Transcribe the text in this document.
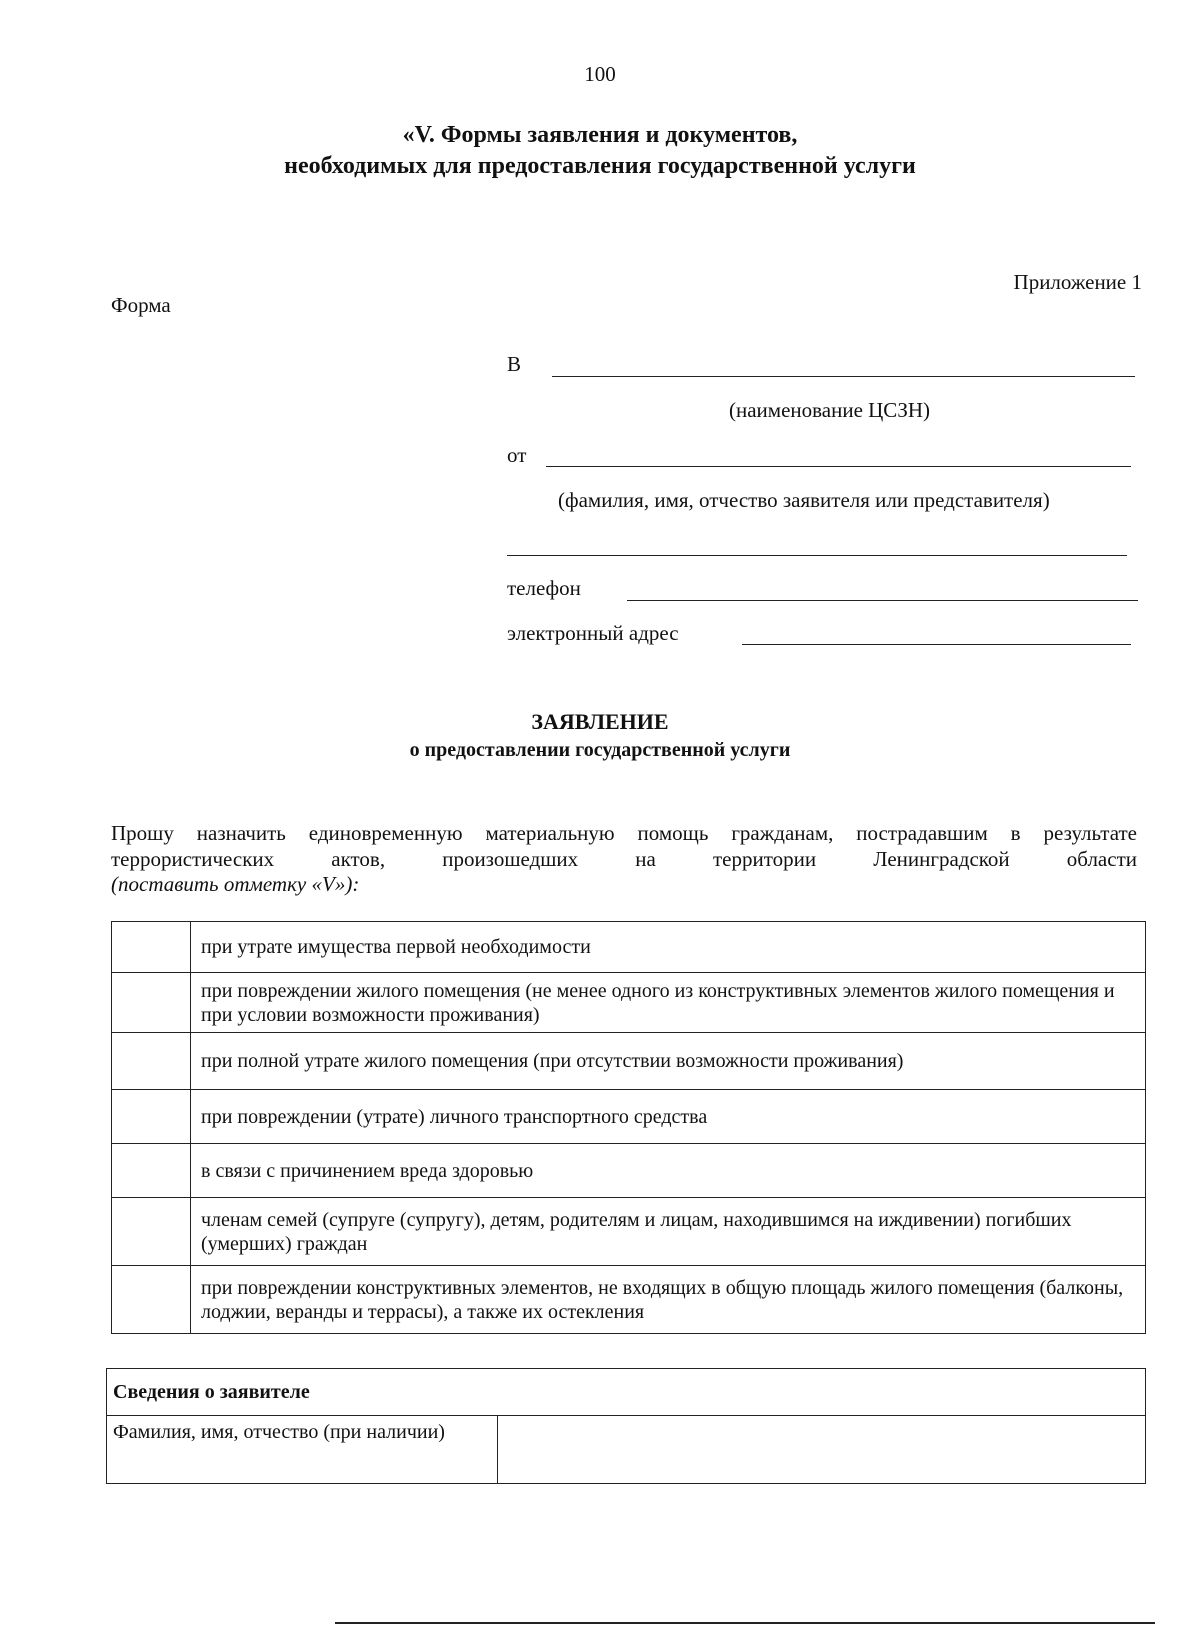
100
«V. Формы заявления и документов,
необходимых для предоставления государственной услуги
Приложение 1
Форма
В
(наименование ЦСЗН)
от
(фамилия, имя, отчество заявителя или представителя)
телефон
электронный адрес
ЗАЯВЛЕНИЕ
о предоставлении государственной услуги
Прошу назначить единовременную материальную помощь гражданам, пострадавшим в результате террористических актов, произошедших на территории Ленинградской области
(поставить отметку «V»):
	при утрате имущества первой необходимости
	при повреждении жилого помещения (не менее одного из конструктивных элементов жилого помещения и при условии возможности проживания)
	при полной утрате жилого помещения (при отсутствии возможности проживания)
	при повреждении (утрате) личного транспортного средства
	в связи с причинением вреда здоровью
	членам семей (супруге (супругу), детям, родителям и лицам, находившимся на иждивении) погибших (умерших) граждан
	при повреждении конструктивных элементов, не входящих в общую площадь жилого помещения (балконы, лоджии, веранды и террасы), а также их остекления
Сведения о заявителе
Фамилия, имя, отчество (при наличии)	
